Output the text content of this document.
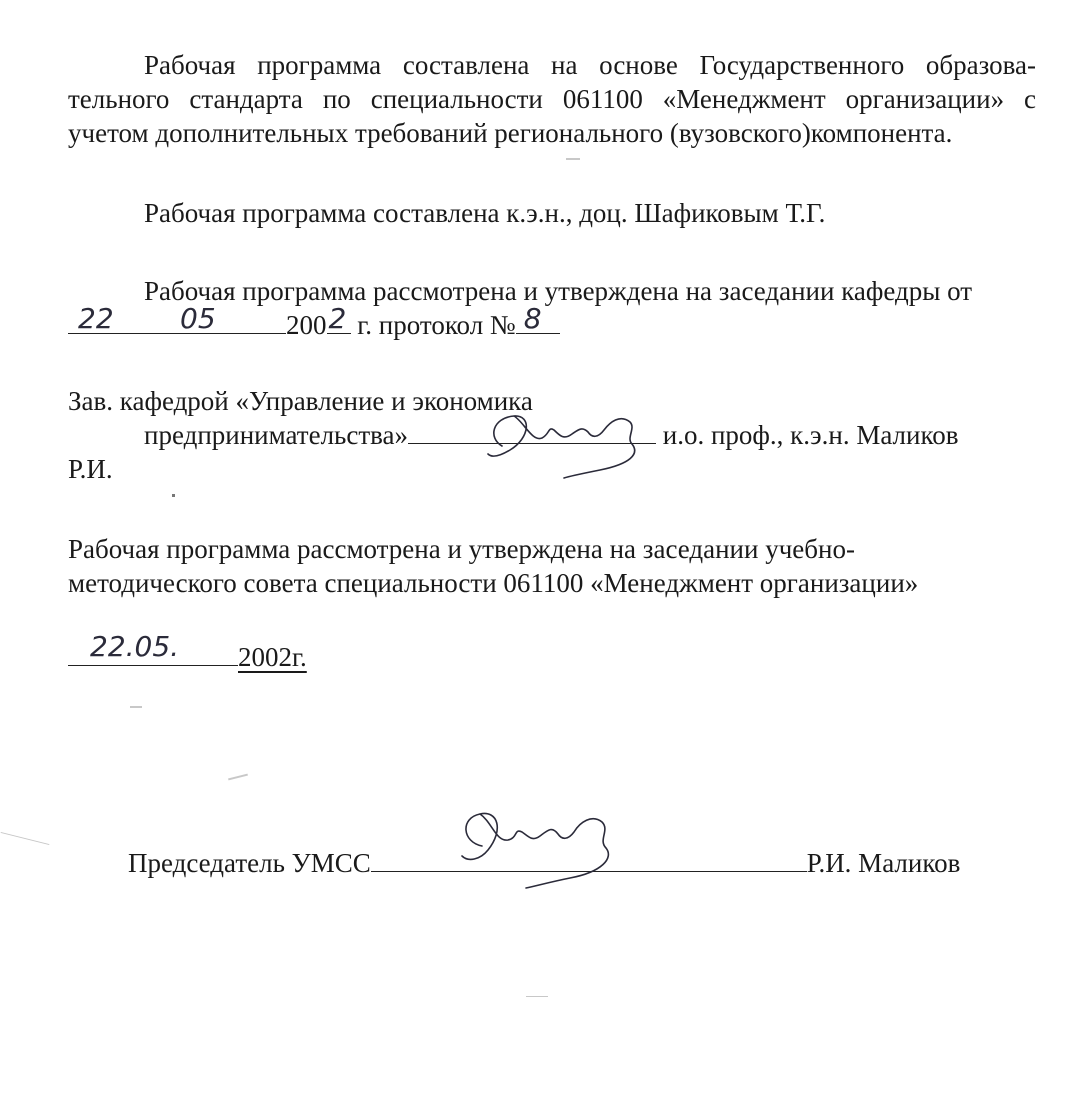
Рабочая программа составлена на основе Государственного образова-
тельного стандарта по специальности 061100 «Менеджмент организации» с
учетом дополнительных требований регионального (вузовского)компонента.
Рабочая программа составлена к.э.н., доц. Шафиковым Т.Г.
Рабочая программа рассмотрена и утверждена на заседании кафедры от
22	05	200 2 г. протокол № 8
Зав. кафедрой «Управление и экономика
предпринимательства»	и.о. проф., к.э.н. Маликов
Р.И.
Рабочая программа рассмотрена и утверждена на заседании учебно-
методического совета специальности 061100 «Менеджмент организации»
22.05.	2002г.
Председатель УМСС	Р.И. Маликов
